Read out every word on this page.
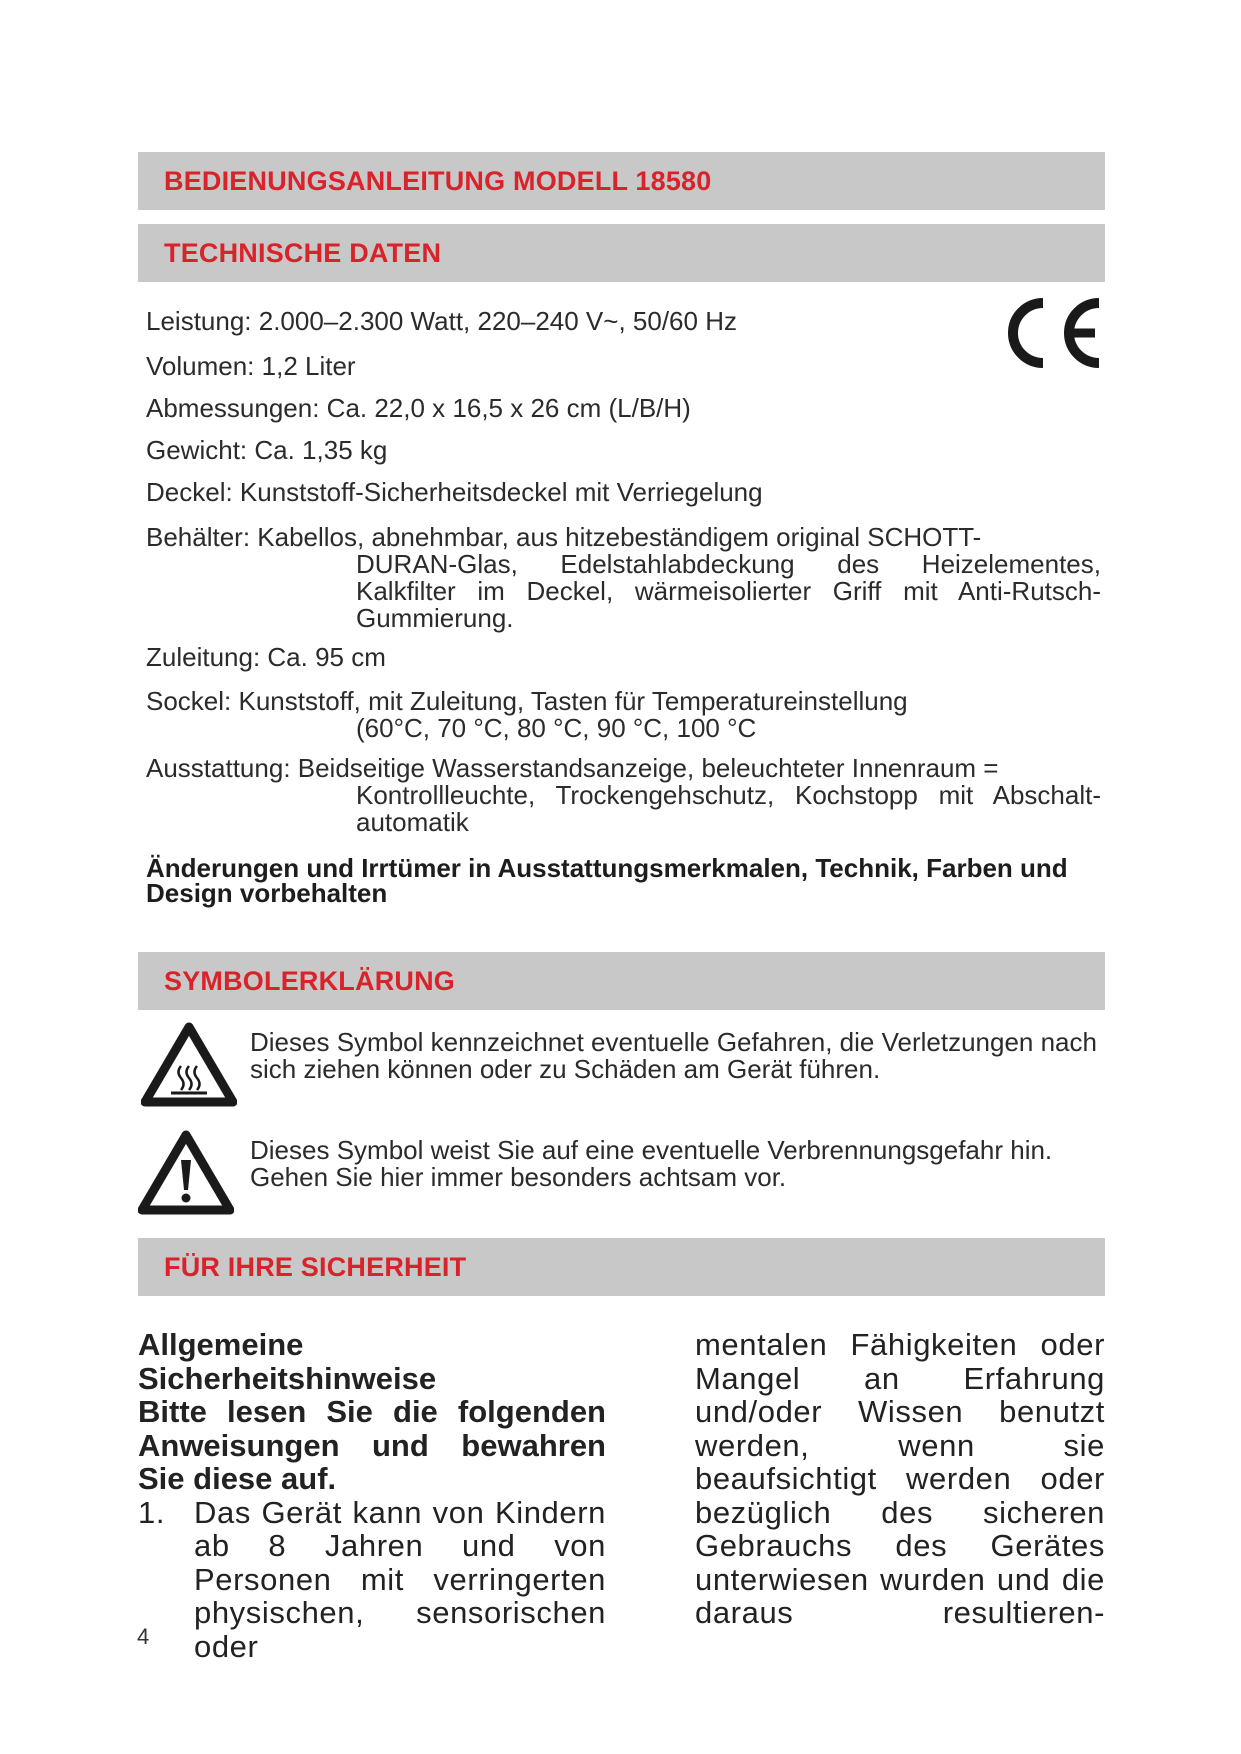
BEDIENUNGSANLEITUNG MODELL 18580
TECHNISCHE DATEN
Leistung: 2.000–2.300 Watt, 220–240 V~, 50/60 Hz
Volumen: 1,2 Liter
Abmessungen: Ca. 22,0 x 16,5 x 26 cm (L/B/H)
Gewicht: Ca. 1,35 kg
Deckel: Kunststoff-Sicherheitsdeckel mit Verriegelung
Behälter: Kabellos, abnehmbar, aus hitzebeständigem original SCHOTT-
DURAN-Glas, Edelstahlabdeckung des Heizelementes, Kalkfilter im Deckel, wärmeisolierter Griff mit Anti-Rutsch-Gummierung.
Zuleitung: Ca. 95 cm
Sockel: Kunststoff, mit Zuleitung, Tasten für Temperatureinstellung
(60°C, 70 °C, 80 °C, 90 °C, 100 °C
Ausstattung: Beidseitige Wasserstandsanzeige, beleuchteter Innenraum =
Kontrollleuchte, Trockengehschutz, Kochstopp mit Abschalt-automatik
Änderungen und Irrtümer in Ausstattungsmerkmalen, Technik, Farben und Design vorbehalten
SYMBOLERKLÄRUNG
Dieses Symbol kennzeichnet eventuelle Gefahren, die Verletzungen nach sich ziehen können oder zu Schäden am Gerät führen.
Dieses Symbol weist Sie auf eine eventuelle Verbrennungsgefahr hin. Gehen Sie hier immer besonders achtsam vor.
FÜR IHRE SICHERHEIT
Allgemeine Sicherheitshinweise
Bitte lesen Sie die folgenden Anweisungen und bewahren Sie diese auf.
1. Das Gerät kann von Kindern ab 8 Jahren und von Personen mit verringerten physischen, sensorischen oder
mentalen Fähigkeiten oder Mangel an Erfahrung und/oder Wissen benutzt werden, wenn sie beaufsichtigt werden oder bezüglich des sicheren Gebrauchs des Gerätes unterwiesen wurden und die daraus resultieren-
4
